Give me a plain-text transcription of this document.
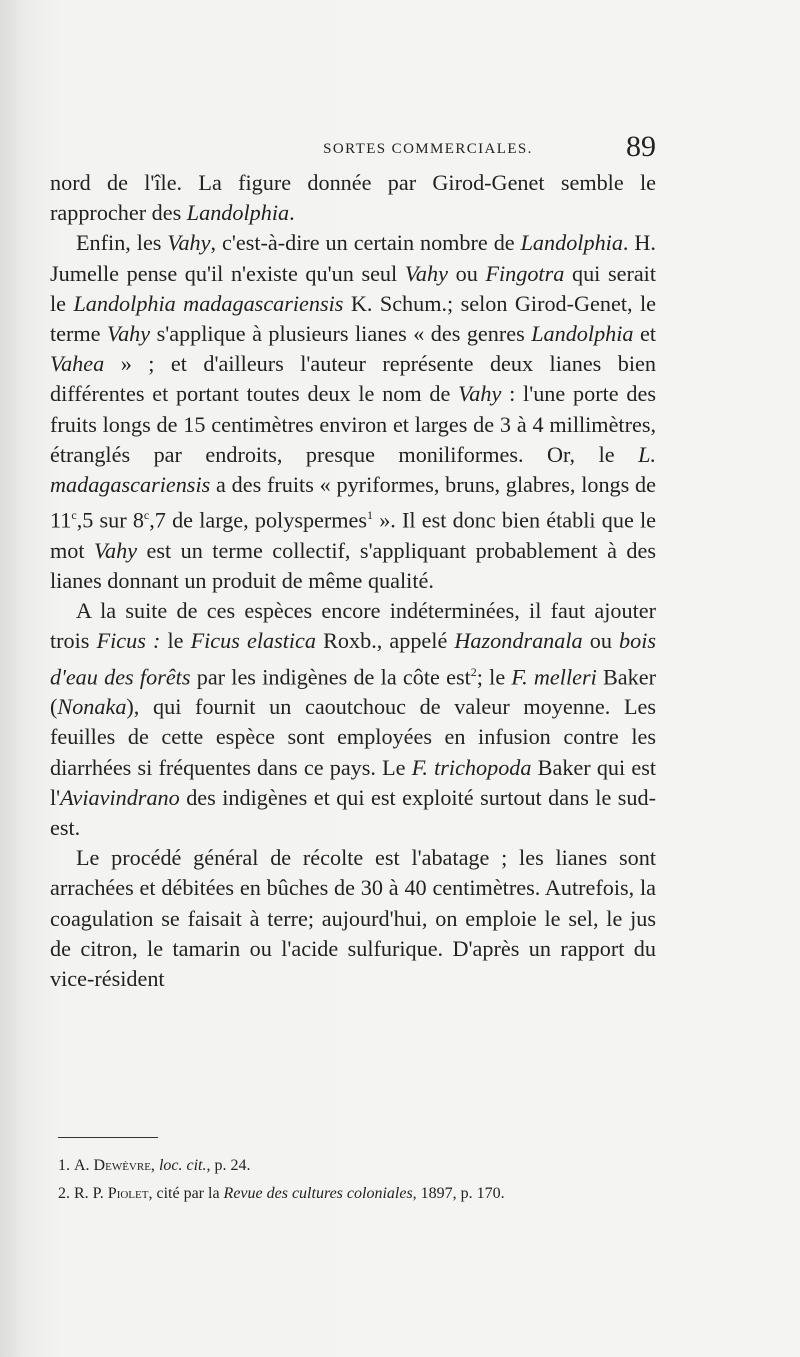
SORTES COMMERCIALES.	89

nord de l'île. La figure donnée par Girod-Genet semble le rapprocher des Landolphia.

Enfin, les Vahy, c'est-à-dire un certain nombre de Landolphia. H. Jumelle pense qu'il n'existe qu'un seul Vahy ou Fingotra qui serait le Landolphia madagascariensis K. Schum.; selon Girod-Genet, le terme Vahy s'applique à plusieurs lianes « des genres Landolphia et Vahea » ; et d'ailleurs l'auteur représente deux lianes bien différentes et portant toutes deux le nom de Vahy : l'une porte des fruits longs de 15 centimètres environ et larges de 3 à 4 millimètres, étranglés par endroits, presque moniliformes. Or, le L. madagascariensis a des fruits « pyriformes, bruns, glabres, longs de 11$^c$,5 sur 8$^c$,7 de large, polyspermes$^1$ ». Il est donc bien établi que le mot Vahy est un terme collectif, s'appliquant probablement à des lianes donnant un produit de même qualité.

A la suite de ces espèces encore indéterminées, il faut ajouter trois Ficus : le Ficus elastica Roxb., appelé Hazondranala ou bois d'eau des forêts par les indigènes de la côte est$^2$; le F. melleri Baker (Nonaka), qui fournit un caoutchouc de valeur moyenne. Les feuilles de cette espèce sont employées en infusion contre les diarrhées si fréquentes dans ce pays. Le F. trichopoda Baker qui est l'Aviavindrano des indigènes et qui est exploité surtout dans le sud-est.

Le procédé général de récolte est l'abatage ; les lianes sont arrachées et débitées en bûches de 30 à 40 centimètres. Autrefois, la coagulation se faisait à terre; aujourd'hui, on emploie le sel, le jus de citron, le tamarin ou l'acide sulfurique. D'après un rapport du vice-résident

1. A. Dewèvre, loc. cit., p. 24.
2. R. P. Piolet, cité par la Revue des cultures coloniales, 1897, p. 170.
